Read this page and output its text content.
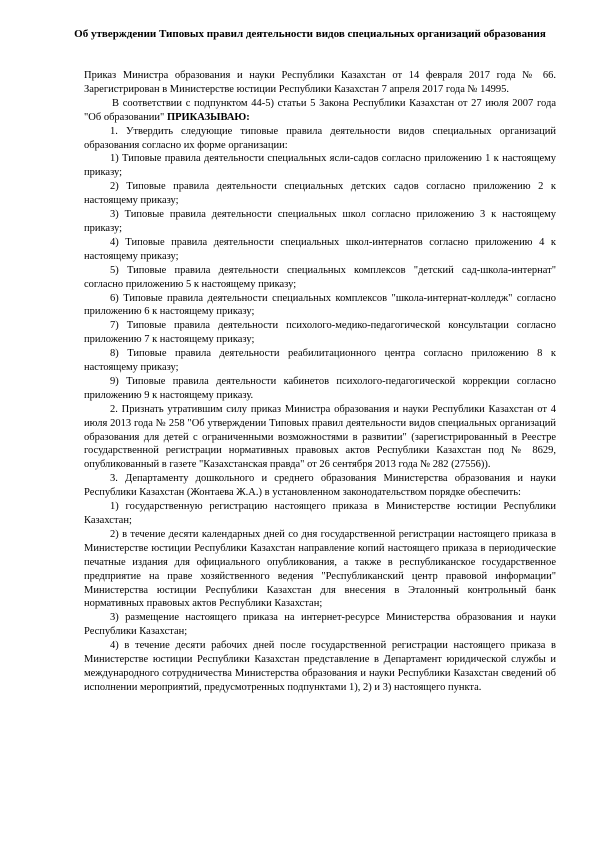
Об утверждении Типовых правил деятельности видов специальных организаций образования

Приказ Министра образования и науки Республики Казахстан от 14 февраля 2017 года № 66. Зарегистрирован в Министерстве юстиции Республики Казахстан 7 апреля 2017 года № 14995.

В соответствии с подпунктом 44-5) статьи 5 Закона Республики Казахстан от 27 июля 2007 года "Об образовании" ПРИКАЗЫВАЮ:

1. Утвердить следующие типовые правила деятельности видов специальных организаций образования согласно их форме организации:

1) Типовые правила деятельности специальных ясли-садов согласно приложению 1 к настоящему приказу;

2) Типовые правила деятельности специальных детских садов согласно приложению 2 к настоящему приказу;

3) Типовые правила деятельности специальных школ согласно приложению 3 к настоящему приказу;

4) Типовые правила деятельности специальных школ-интернатов согласно приложению 4 к настоящему приказу;

5) Типовые правила деятельности специальных комплексов "детский сад-школа-интернат" согласно приложению 5 к настоящему приказу;

6) Типовые правила деятельности специальных комплексов "школа-интернат-колледж" согласно приложению 6 к настоящему приказу;

7) Типовые правила деятельности психолого-медико-педагогической консультации согласно приложению 7 к настоящему приказу;

8) Типовые правила деятельности реабилитационного центра согласно приложению 8 к настоящему приказу;

9) Типовые правила деятельности кабинетов психолого-педагогической коррекции согласно приложению 9 к настоящему приказу.

2. Признать утратившим силу приказ Министра образования и науки Республики Казахстан от 4 июля 2013 года № 258 "Об утверждении Типовых правил деятельности видов специальных организаций образования для детей с ограниченными возможностями в развитии" (зарегистрированный в Реестре государственной регистрации нормативных правовых актов Республики Казахстан под № 8629, опубликованный в газете "Казахстанская правда" от 26 сентября 2013 года № 282 (27556)).

3. Департаменту дошкольного и среднего образования Министерства образования и науки Республики Казахстан (Жонтаева Ж.А.) в установленном законодательством порядке обеспечить:

1) государственную регистрацию настоящего приказа в Министерстве юстиции Республики Казахстан;

2) в течение десяти календарных дней со дня государственной регистрации настоящего приказа в Министерстве юстиции Республики Казахстан направление копий настоящего приказа в периодические печатные издания для официального опубликования, а также в республиканское государственное предприятие на праве хозяйственного ведения "Республиканский центр правовой информации" Министерства юстиции Республики Казахстан для внесения в Эталонный контрольный банк нормативных правовых актов Республики Казахстан;

3) размещение настоящего приказа на интернет-ресурсе Министерства образования и науки Республики Казахстан;

4) в течение десяти рабочих дней после государственной регистрации настоящего приказа в Министерстве юстиции Республики Казахстан представление в Департамент юридической службы и международного сотрудничества Министерства образования и науки Республики Казахстан сведений об исполнении мероприятий, предусмотренных подпунктами 1), 2) и 3) настоящего пункта.
